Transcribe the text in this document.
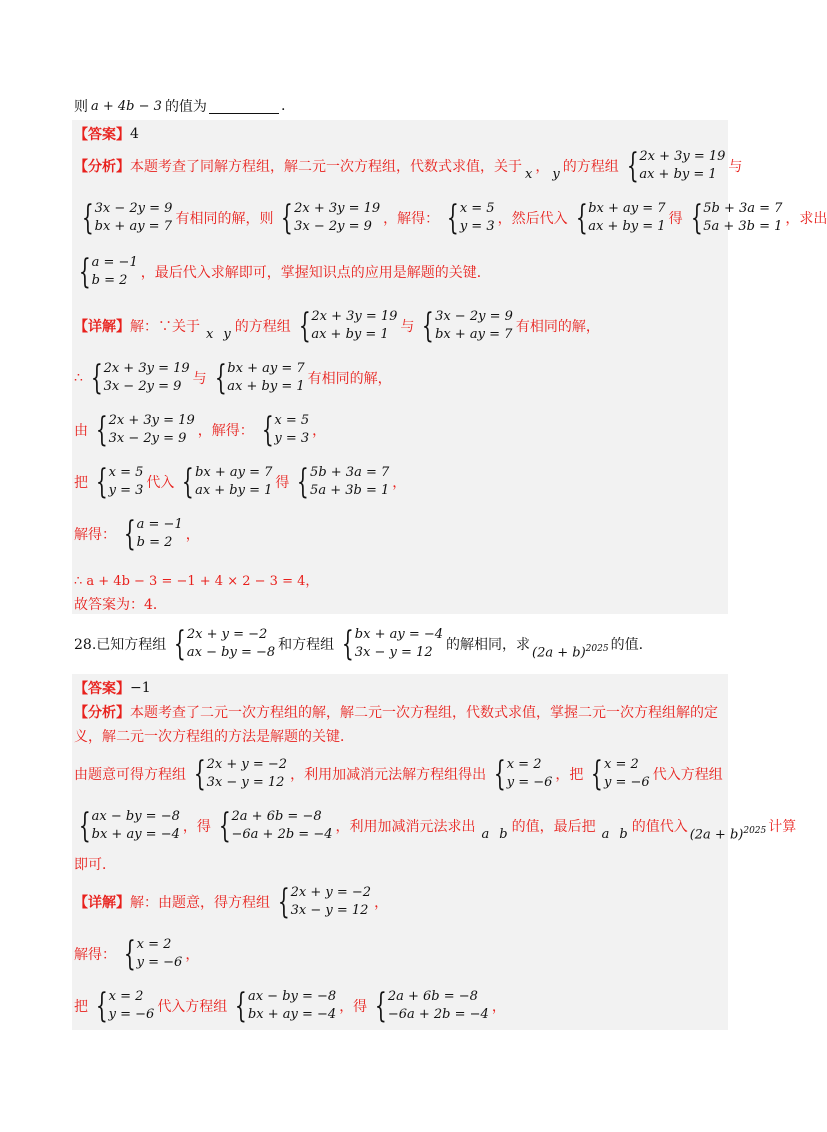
则 a + 4b − 3 的值为	.
【答案】 4
【分析】 本题考查了同解方程组，解二元一次方程组，代数式求值，关于 x ， y 的方程组 { 2x + 3y = 19
ax + by = 1 与
{ 3x − 2y = 9
bx + ay = 7 有相同的解，则 { 2x + 3y = 19
3x − 2y = 9 ，解得： { x = 5
y = 3 ，然后代入 { bx + ay = 7
ax + by = 1 得 { 5b + 3a = 7
5a + 3b = 1 ，求出
{ a = −1
b = 2 ，最后代入求解即可，掌握知识点的应用是解题的关键．
【详解】 解：∵关于 x y 的方程组 { 2x + 3y = 19
ax + by = 1 与 { 3x − 2y = 9
bx + ay = 7 有相同的解，
∴ { 2x + 3y = 19
3x − 2y = 9 与 { bx + ay = 7
ax + by = 1 有相同的解，
由 { 2x + 3y = 19
3x − 2y = 9 ，解得： { x = 5
y = 3 ，
把 { x = 5
y = 3 代入 { bx + ay = 7
ax + by = 1 得 { 5b + 3a = 7
5a + 3b = 1 ，
解得： { a = −1
b = 2 ，
∴ a + 4b − 3 = −1 + 4 × 2 − 3 = 4，
故答案为： 4．
28.已知方程组 { 2x + y = −2
ax − by = −8 和方程组 { bx + ay = −4
3x − y = 12 的解相同，求 $(2a + b)^{2025}$ 的值.
【答案】 −1
【分析】 本题考查了二元一次方程组的解，解二元一次方程组，代数式求值，掌握二元一次方程组解的定
义，解二元一次方程组的方法是解题的关键．
由题意可得方程组 { 2x + y = −2
3x − y = 12 ，利用加减消元法解方程组得出 { x = 2
y = −6 ，把 { x = 2
y = −6 代入方程组
{ ax − by = −8
bx + ay = −4 ，得 { 2a + 6b = −8
−6a + 2b = −4 ，利用加减消元法求出 a b 的值，最后把 a b 的值代入 $(2a + b)^{2025}$ 计算
即可．
【详解】 解：由题意，得方程组 { 2x + y = −2
3x − y = 12 ，
解得： { x = 2
y = −6 ，
把 { x = 2
y = −6 代入方程组 { ax − by = −8
bx + ay = −4 ，得 { 2a + 6b = −8
−6a + 2b = −4 ，
